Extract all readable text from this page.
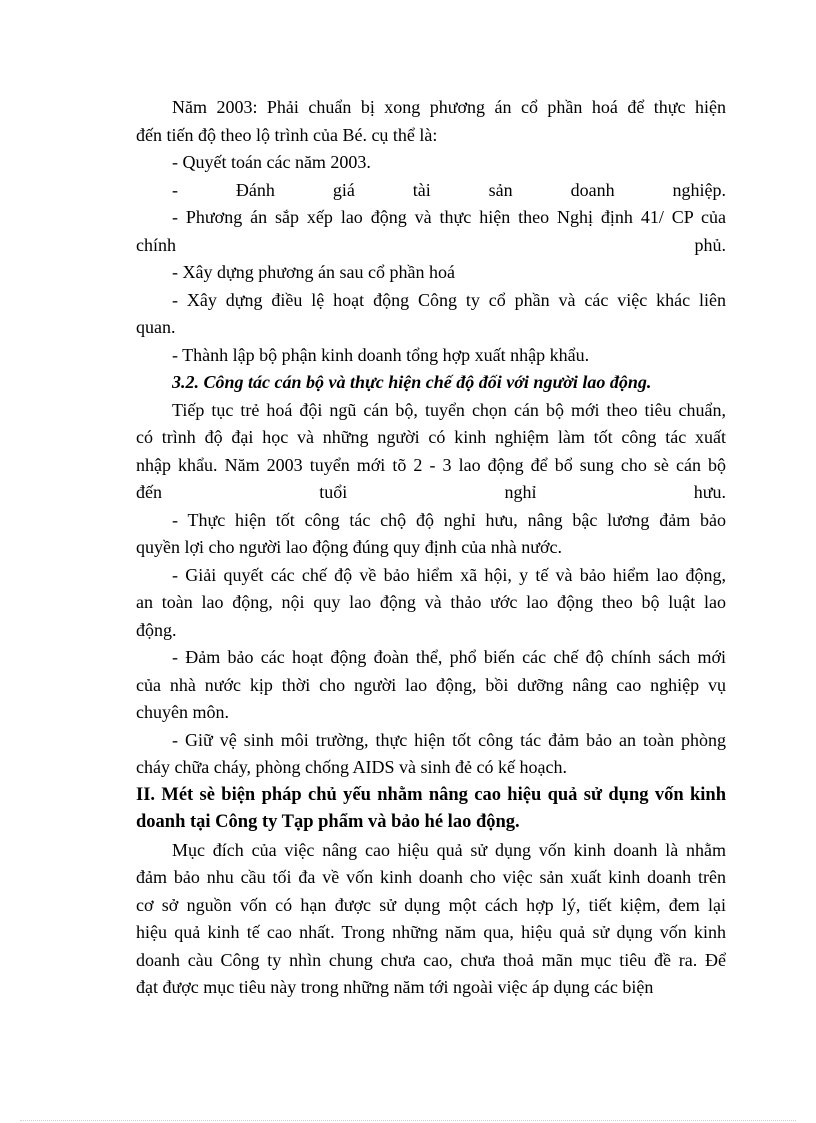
Năm 2003: Phải chuẩn bị xong phương án cổ phần hoá để thực hiện
đến tiến độ theo lộ trình của Bé. cụ thể là:
- Quyết toán các năm 2003.
- Đánh giá tài sản doanh nghiệp.
- Phương án sắp xếp lao động và thực hiện theo Nghị định 41/ CP của
chính phủ.
- Xây dựng phương án sau cổ phần hoá
- Xây dựng điều lệ hoạt động Công ty cổ phần và các việc khác liên
quan.
- Thành lập bộ phận kinh doanh tổng hợp xuất nhập khẩu.
3.2. Công tác cán bộ và thực hiện chế độ đối với người lao động.
Tiếp tục trẻ hoá đội ngũ cán bộ, tuyển chọn cán bộ mới theo tiêu chuẩn,
có trình độ đại học và những người có kinh nghiệm làm tốt công tác xuất
nhập khẩu. Năm 2003 tuyển mới tõ 2 - 3 lao động để bổ sung cho sè cán bộ
đến tuổi nghỉ hưu.
- Thực hiện tốt công tác chộ độ nghỉ hưu, nâng bậc lương đảm bảo
quyền lợi cho người lao động đúng quy định của nhà nước.
- Giải quyết các chế độ về bảo hiểm xã hội, y tế và bảo hiểm lao động,
an toàn lao động, nội quy lao động và thảo ước lao động theo bộ luật lao
động.
- Đảm bảo các hoạt động đoàn thể, phổ biến các chế độ chính sách mới
của nhà nước kịp thời cho người lao động, bồi dưỡng nâng cao nghiệp vụ
chuyên môn.
- Giữ vệ sinh môi trường, thực hiện tốt công tác đảm bảo an toàn phòng
cháy chữa cháy, phòng chống AIDS và sinh đẻ có kế hoạch.
II. Mét sè biện pháp chủ yếu nhằm nâng cao hiệu quả sử dụng vốn kinh
doanh tại Công ty Tạp phẩm và bảo hé lao động.
Mục đích của việc nâng cao hiệu quả sử dụng vốn kinh doanh là nhằm
đảm bảo nhu cầu tối đa về vốn kinh doanh cho việc sản xuất kinh doanh trên
cơ sở nguồn vốn có hạn được sử dụng một cách hợp lý, tiết kiệm, đem lại
hiệu quả kinh tế cao nhất. Trong những năm qua, hiệu quả sử dụng vốn kinh
doanh càu Công ty nhìn chung chưa cao, chưa thoả mãn mục tiêu đề ra. Để
đạt được mục tiêu này trong những năm tới ngoài việc áp dụng các biện
